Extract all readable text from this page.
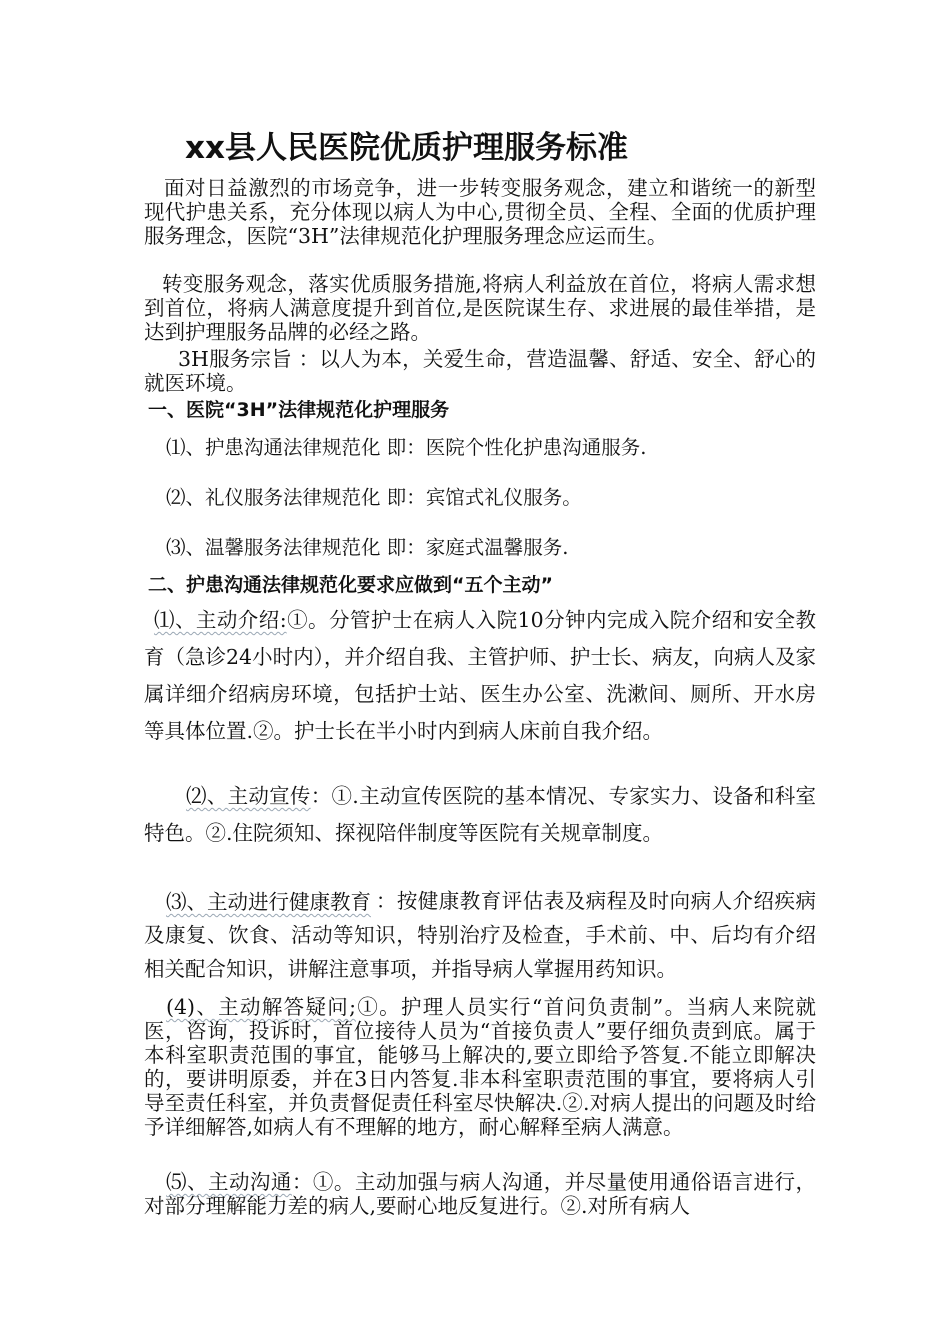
xx县人民医院优质护理服务标准

面对日益激烈的市场竞争，进一步转变服务观念，建立和谐统一的新型现代护患关系，充分体现以病人为中心,贯彻全员、全程、全面的优质护理服务理念，医院“3H”法律规范化护理服务理念应运而生。

转变服务观念，落实优质服务措施,将病人利益放在首位，将病人需求想到首位，将病人满意度提升到首位,是医院谋生存、求进展的最佳举措，是达到护理服务品牌的必经之路。

3H服务宗旨 ：以人为本，关爱生命，营造温馨、舒适、安全、舒心的就医环境。

一、医院“3H”法律规范化护理服务
⑴、护患沟通法律规范化 即：医院个性化护患沟通服务.
⑵、礼仪服务法律规范化 即：宾馆式礼仪服务。
⑶、温馨服务法律规范化 即：家庭式温馨服务.
二、护患沟通法律规范化要求应做到“五个主动”

⑴、主动介绍:①。分管护士在病人入院10分钟内完成入院介绍和安全教育（急诊24小时内），并介绍自我、主管护师、护士长、病友，向病人及家属详细介绍病房环境，包括护士站、医生办公室、洗漱间、厕所、开水房等具体位置.②。护士长在半小时内到病人床前自我介绍。

⑵、主动宣传：①.主动宣传医院的基本情况、专家实力、设备和科室特色。②.住院须知、探视陪伴制度等医院有关规章制度。

⑶、主动进行健康教育 ：按健康教育评估表及病程及时向病人介绍疾病及康复、饮食、活动等知识，特别治疗及检查，手术前、中、后均有介绍相关配合知识，讲解注意事项，并指导病人掌握用药知识。

(4)、主动解答疑问;①。护理人员实行“首问负责制”。当病人来院就医，咨询，投诉时，首位接待人员为“首接负责人”要仔细负责到底。属于本科室职责范围的事宜，能够马上解决的,要立即给予答复.不能立即解决的，要讲明原委，并在3日内答复.非本科室职责范围的事宜，要将病人引导至责任科室，并负责督促责任科室尽快解决.②.对病人提出的问题及时给予详细解答,如病人有不理解的地方，耐心解释至病人满意。

⑸、主动沟通：①。主动加强与病人沟通，并尽量使用通俗语言进行，对部分理解能力差的病人,要耐心地反复进行。②.对所有病人
